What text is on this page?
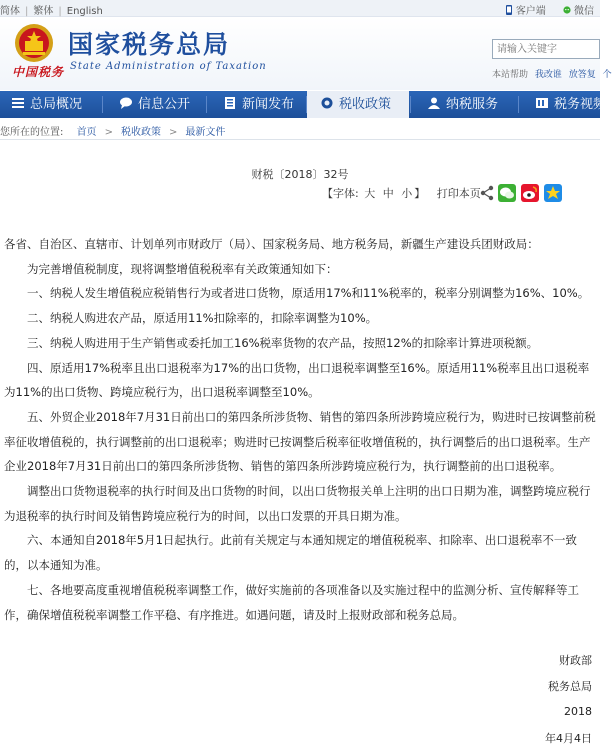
简体 | 繁体 | English	客户端	微信
中国税务
国家税务总局
State Administration of Taxation
请输入关键字
本站帮助 我改谁 放答复 个
总局概况	信息公开	新闻发布	税收政策	纳税服务	税务视频
您所在的位置: 首页 > 税收政策 > 最新文件
财税〔2018〕32号
【字体: 大 中 小 】 打印本页

各省、自治区、直辖市、计划单列市财政厅（局）、国家税务局、地方税务局，新疆生产建设兵团财政局：

为完善增值税制度，现将调整增值税税率有关政策通知如下：

一、纳税人发生增值税应税销售行为或者进口货物，原适用17%和11%税率的，税率分别调整为16%、10%。

二、纳税人购进农产品，原适用11%扣除率的，扣除率调整为10%。

三、纳税人购进用于生产销售或委托加工16%税率货物的农产品，按照12%的扣除率计算进项税额。

四、原适用17%税率且出口退税率为17%的出口货物，出口退税率调整至16%。原适用11%税率且出口退税率为11%的出口货物、跨境应税行为，出口退税率调整至10%。

五、外贸企业2018年7月31日前出口的第四条所涉货物、销售的第四条所涉跨境应税行为，购进时已按调整前税率征收增值税的，执行调整前的出口退税率；购进时已按调整后税率征收增值税的，执行调整后的出口退税率。生产企业2018年7月31日前出口的第四条所涉货物、销售的第四条所涉跨境应税行为，执行调整前的出口退税率。

调整出口货物退税率的执行时间及出口货物的时间，以出口货物报关单上注明的出口日期为准，调整跨境应税行为退税率的执行时间及销售跨境应税行为的时间，以出口发票的开具日期为准。

六、本通知自2018年5月1日起执行。此前有关规定与本通知规定的增值税税率、扣除率、出口退税率不一致的，以本通知为准。

七、各地要高度重视增值税税率调整工作，做好实施前的各项准备以及实施过程中的监测分析、宣传解释等工作，确保增值税税率调整工作平稳、有序推进。如遇问题，请及时上报财政部和税务总局。

财政部
税务总局
2018
年4月4日
